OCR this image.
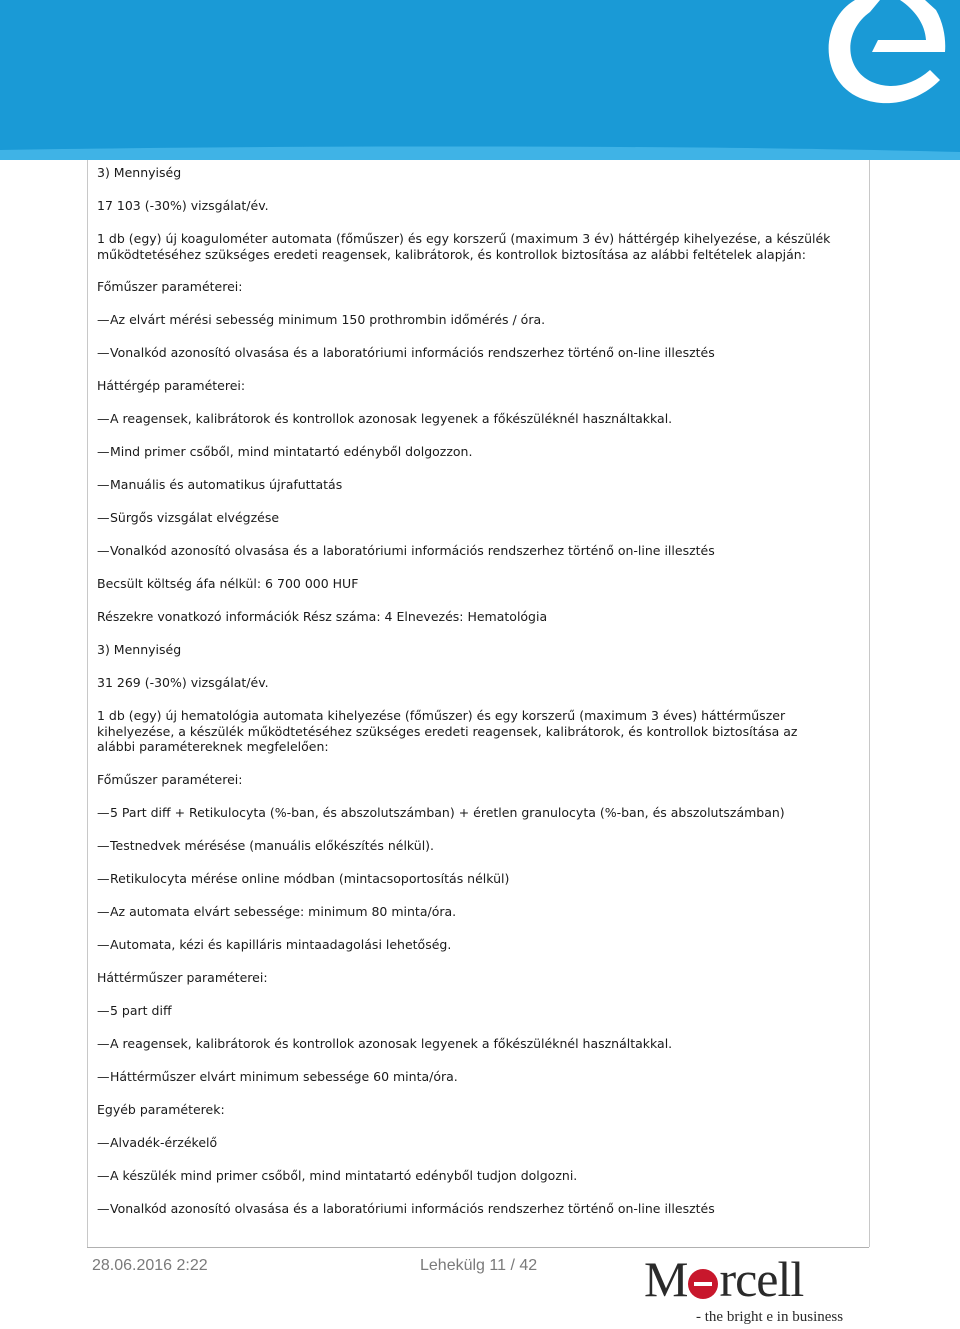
3) Mennyiség

17 103 (-30%) vizsgálat/év.

1 db (egy) új koagulométer automata (főműszer) és egy korszerű (maximum 3 év) háttérgép kihelyezése, a készülék működtetéséhez szükséges eredeti reagensek, kalibrátorok, és kontrollok biztosítása az alábbi feltételek alapján:

Főműszer paraméterei:

—Az elvárt mérési sebesség minimum 150 prothrombin időmérés / óra.

—Vonalkód azonosító olvasása és a laboratóriumi információs rendszerhez történő on-line illesztés

Háttérgép paraméterei:

—A reagensek, kalibrátorok és kontrollok azonosak legyenek a főkészüléknél használtakkal.

—Mind primer csőből, mind mintatartó edényből dolgozzon.

—Manuális és automatikus újrafuttatás

—Sürgős vizsgálat elvégzése

—Vonalkód azonosító olvasása és a laboratóriumi információs rendszerhez történő on-line illesztés

Becsült költség áfa nélkül: 6 700 000 HUF

Részekre vonatkozó információk Rész száma: 4 Elnevezés: Hematológia

3) Mennyiség

31 269 (-30%) vizsgálat/év.

1 db (egy) új hematológia automata kihelyezése (főműszer) és egy korszerű (maximum 3 éves) háttérműszer kihelyezése, a készülék működtetéséhez szükséges eredeti reagensek, kalibrátorok, és kontrollok biztosítása az alábbi paramétereknek megfelelően:

Főműszer paraméterei:

—5 Part diff + Retikulocyta (%-ban, és abszolutszámban) + éretlen granulocyta (%-ban, és abszolutszámban)

—Testnedvek mérésése (manuális előkészítés nélkül).

—Retikulocyta mérése online módban (mintacsoportosítás nélkül)

—Az automata elvárt sebessége: minimum 80 minta/óra.

—Automata, kézi és kapilláris mintaadagolási lehetőség.

Háttérműszer paraméterei:

—5 part diff

—A reagensek, kalibrátorok és kontrollok azonosak legyenek a főkészüléknél használtakkal.

—Háttérműszer elvárt minimum sebessége 60 minta/óra.

Egyéb paraméterek:

—Alvadék-érzékelő

—A készülék mind primer csőből, mind mintatartó edényből tudjon dolgozni.

—Vonalkód azonosító olvasása és a laboratóriumi információs rendszerhez történő on-line illesztés

28.06.2016 2:22	Lehekülg 11 / 42 M rcell
- the bright e in business
